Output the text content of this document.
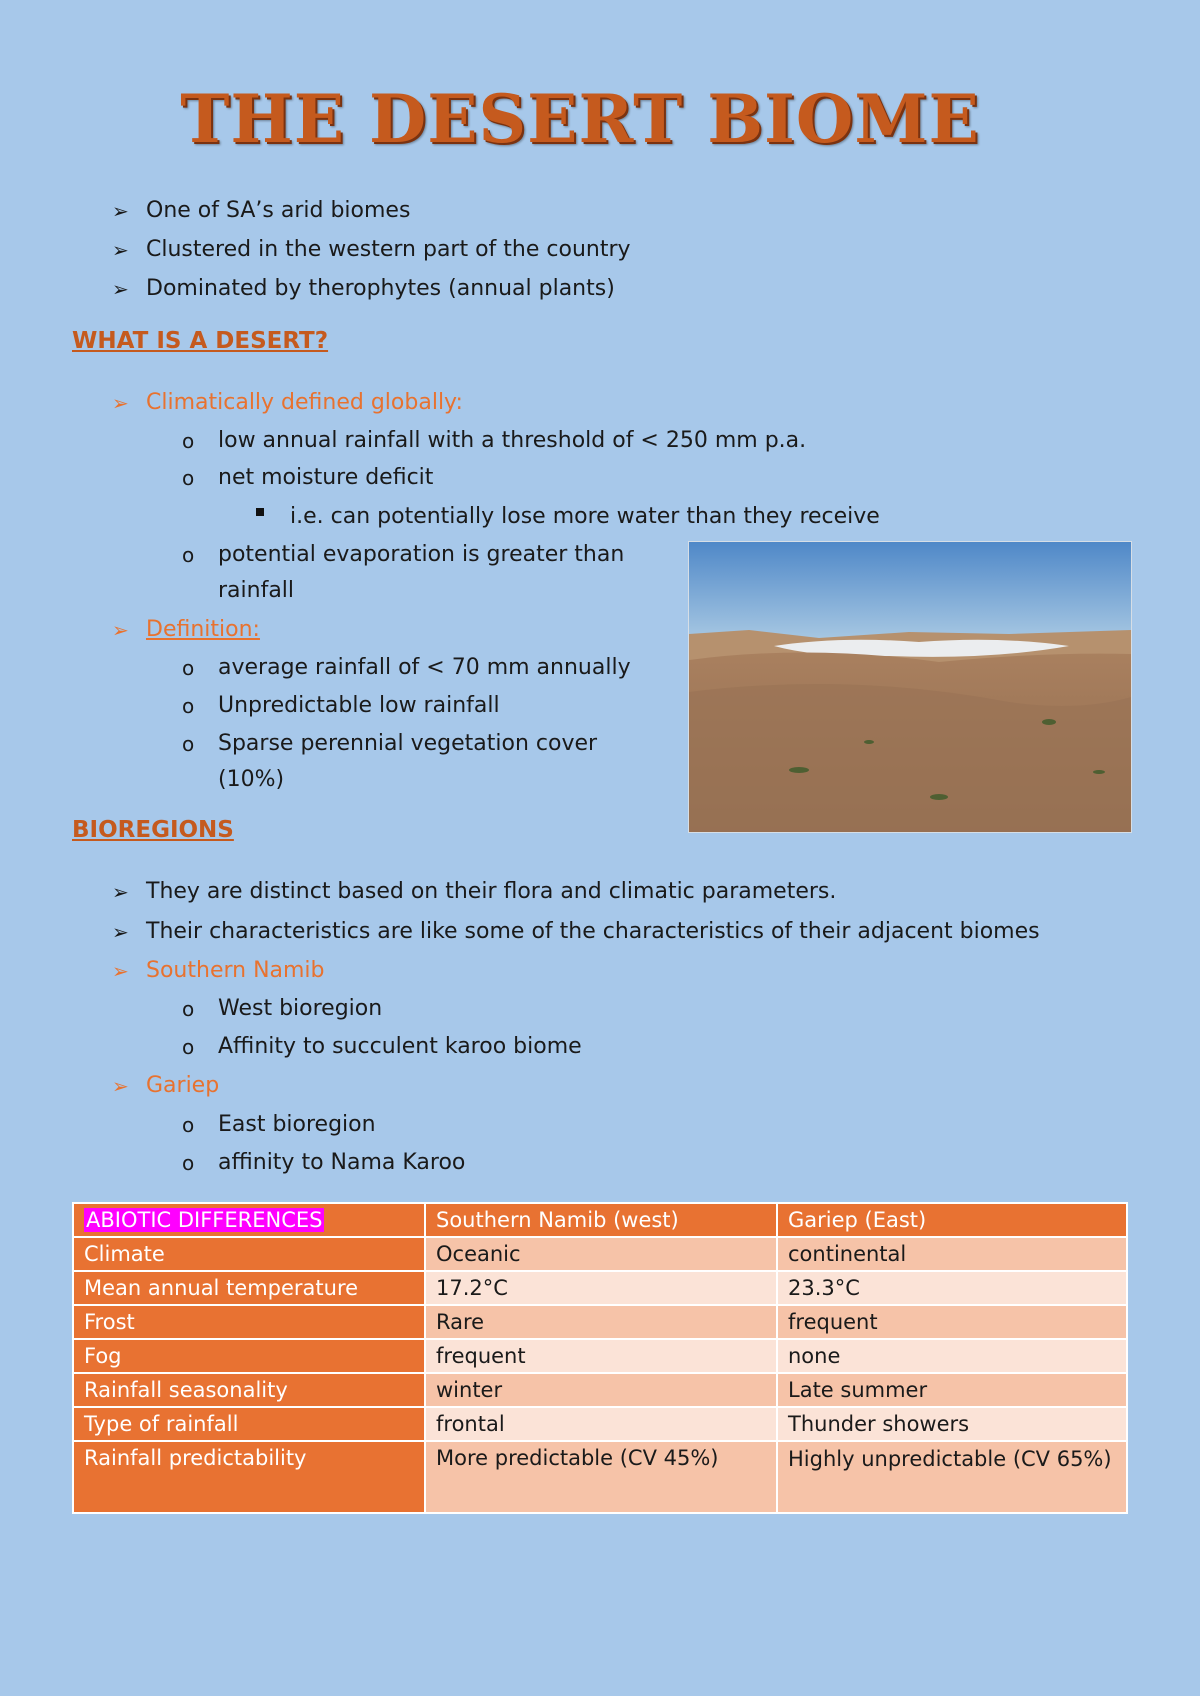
THE DESERT BIOME
➢ One of SA’s arid biomes
➢ Clustered in the western part of the country
➢ Dominated by therophytes (annual plants)
WHAT IS A DESERT?
➢ Climatically defined globally:
o low annual rainfall with a threshold of < 250 mm p.a.
o net moisture deficit
i.e. can potentially lose more water than they receive
o potential evaporation is greater than
rainfall
➢ Definition:
o average rainfall of < 70 mm annually
o Unpredictable low rainfall
o Sparse perennial vegetation cover
(10%)
BIOREGIONS
➢ They are distinct based on their flora and climatic parameters.
➢ Their characteristics are like some of the characteristics of their adjacent biomes
➢ Southern Namib
o West bioregion
o Affinity to succulent karoo biome
➢ Gariep
o East bioregion
o affinity to Nama Karoo
ABIOTIC DIFFERENCES	Southern Namib (west)	Gariep (East)
Climate	Oceanic	continental
Mean annual temperature	17.2°C	23.3°C
Frost	Rare	frequent
Fog	frequent	none
Rainfall seasonality	winter	Late summer
Type of rainfall	frontal	Thunder showers
Rainfall predictability	More predictable (CV 45%)	Highly unpredictable (CV 65%)
